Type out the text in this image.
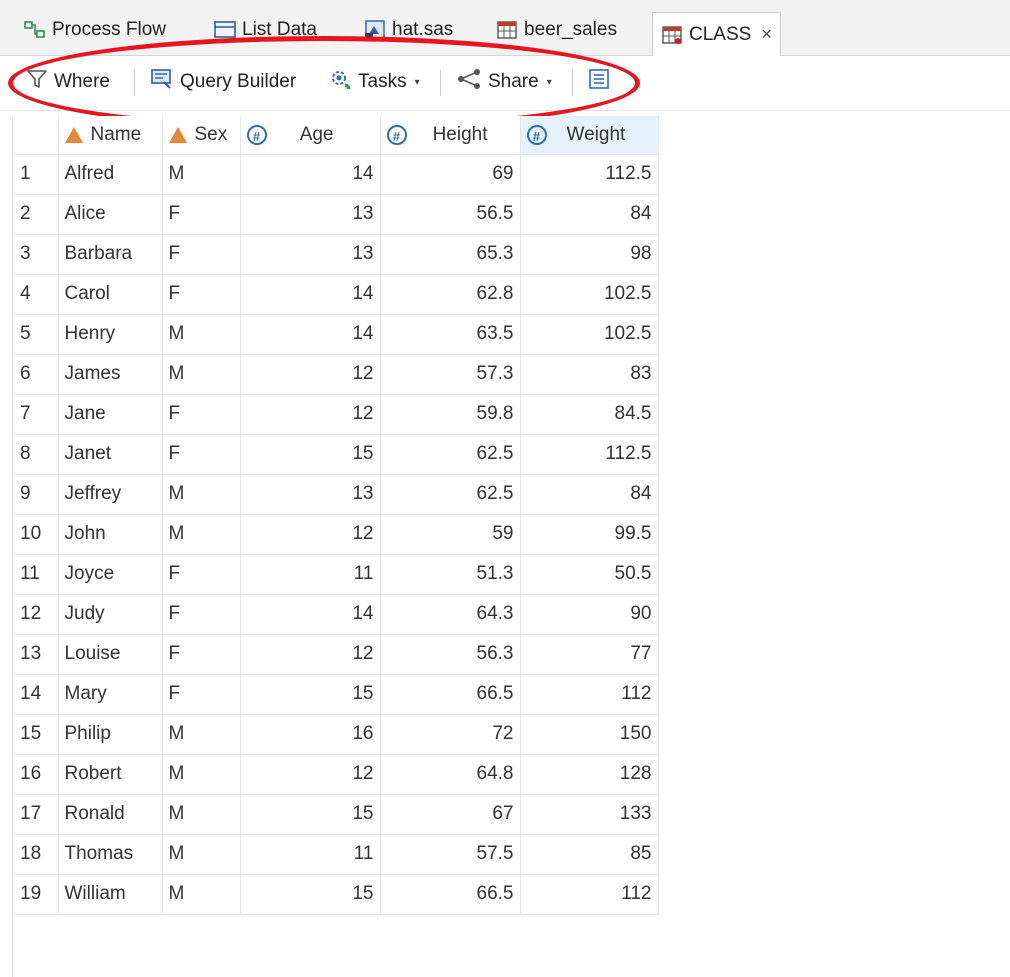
Process Flow	List Data	hat.sas	beer_sales	CLASS ×
Where	Query Builder	Tasks ▾	Share ▾

	Name	Sex	# Age	# Height	# Weight

1	Alfred	M	14	69	112.5
2	Alice	F	13	56.5	84
3	Barbara	F	13	65.3	98
4	Carol	F	14	62.8	102.5
5	Henry	M	14	63.5	102.5
6	James	M	12	57.3	83
7	Jane	F	12	59.8	84.5
8	Janet	F	15	62.5	112.5
9	Jeffrey	M	13	62.5	84
10	John	M	12	59	99.5
11	Joyce	F	11	51.3	50.5
12	Judy	F	14	64.3	90
13	Louise	F	12	56.3	77
14	Mary	F	15	66.5	112
15	Philip	M	16	72	150
16	Robert	M	12	64.8	128
17	Ronald	M	15	67	133
18	Thomas	M	11	57.5	85
19	William	M	15	66.5	112
